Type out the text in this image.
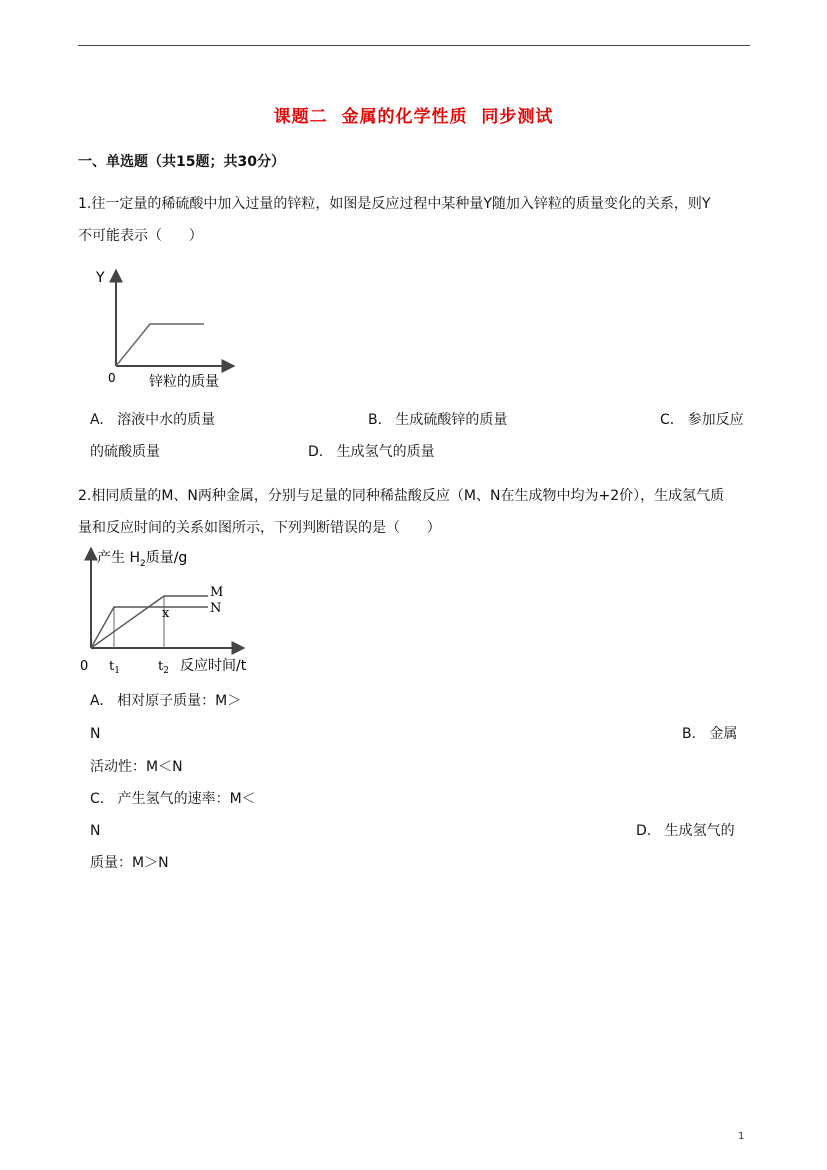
课题二  金属的化学性质  同步测试
一、单选题（共15题；共30分）
1.往一定量的稀硫酸中加入过量的锌粒，如图是反应过程中某种量Y随加入锌粒的质量变化的关系，则Y
不可能表示（      ）
Y
0 锌粒的质量
A.   溶液中水的质量	B.   生成硫酸锌的质量	C.   参加反应
的硫酸质量	D.   生成氢气的质量
2.相同质量的M、N两种金属，分别与足量的同种稀盐酸反应（M、N在生成物中均为+2价），生成氢气质
量和反应时间的关系如图所示，下列判断错误的是（      ）
产生 $H_2$质量/g
M
N
x
0 $t_1$	$t_2$ 反应时间/t
A.   相对原子质量：M＞
N	B.   金属
活动性：M＜N
C.   产生氢气的速率：M＜
N	D.   生成氢气的
质量：M＞N
1
